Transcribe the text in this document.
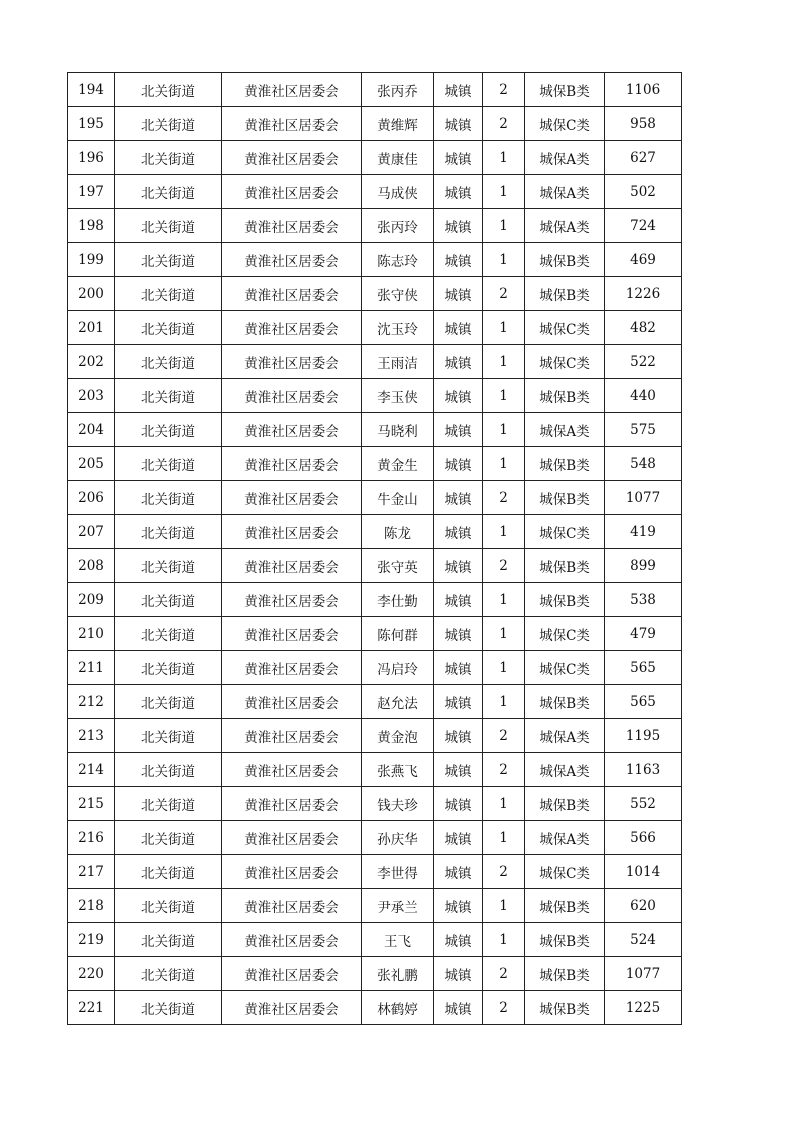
194	北关街道	黄淮社区居委会	张丙乔	城镇	2	城保B类	1106
195	北关街道	黄淮社区居委会	黄维辉	城镇	2	城保C类	958
196	北关街道	黄淮社区居委会	黄康佳	城镇	1	城保A类	627
197	北关街道	黄淮社区居委会	马成侠	城镇	1	城保A类	502
198	北关街道	黄淮社区居委会	张丙玲	城镇	1	城保A类	724
199	北关街道	黄淮社区居委会	陈志玲	城镇	1	城保B类	469
200	北关街道	黄淮社区居委会	张守侠	城镇	2	城保B类	1226
201	北关街道	黄淮社区居委会	沈玉玲	城镇	1	城保C类	482
202	北关街道	黄淮社区居委会	王雨洁	城镇	1	城保C类	522
203	北关街道	黄淮社区居委会	李玉侠	城镇	1	城保B类	440
204	北关街道	黄淮社区居委会	马晓利	城镇	1	城保A类	575
205	北关街道	黄淮社区居委会	黄金生	城镇	1	城保B类	548
206	北关街道	黄淮社区居委会	牛金山	城镇	2	城保B类	1077
207	北关街道	黄淮社区居委会	陈龙	城镇	1	城保C类	419
208	北关街道	黄淮社区居委会	张守英	城镇	2	城保B类	899
209	北关街道	黄淮社区居委会	李仕勤	城镇	1	城保B类	538
210	北关街道	黄淮社区居委会	陈何群	城镇	1	城保C类	479
211	北关街道	黄淮社区居委会	冯启玲	城镇	1	城保C类	565
212	北关街道	黄淮社区居委会	赵允法	城镇	1	城保B类	565
213	北关街道	黄淮社区居委会	黄金泡	城镇	2	城保A类	1195
214	北关街道	黄淮社区居委会	张燕飞	城镇	2	城保A类	1163
215	北关街道	黄淮社区居委会	钱夫珍	城镇	1	城保B类	552
216	北关街道	黄淮社区居委会	孙庆华	城镇	1	城保A类	566
217	北关街道	黄淮社区居委会	李世得	城镇	2	城保C类	1014
218	北关街道	黄淮社区居委会	尹承兰	城镇	1	城保B类	620
219	北关街道	黄淮社区居委会	王飞	城镇	1	城保B类	524
220	北关街道	黄淮社区居委会	张礼鹏	城镇	2	城保B类	1077
221	北关街道	黄淮社区居委会	林鹤婷	城镇	2	城保B类	1225
